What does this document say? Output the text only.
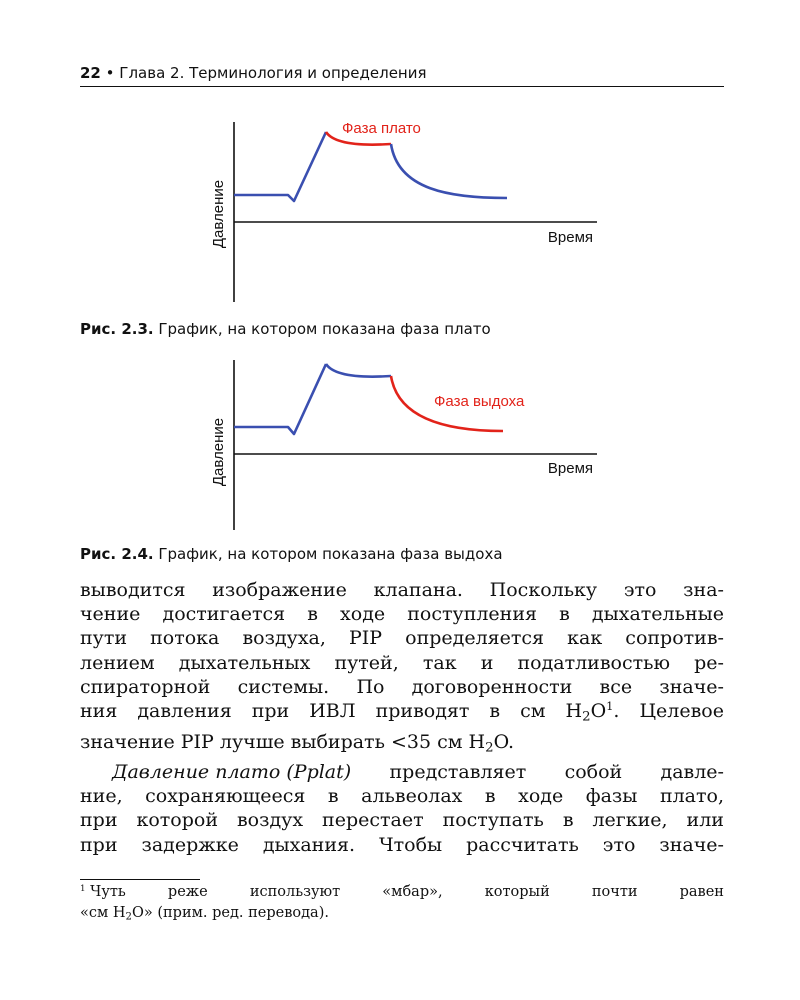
22 • Глава 2. Терминология и определения
Давление	Время
Фаза плато
Рис. 2.3. График, на котором показана фаза плато
Давление	Время
Фаза выдоха
Рис. 2.4. График, на котором показана фаза выдоха
выводится изображение клапана. Поскольку это зна-
чение достигается в ходе поступления в дыхательные
пути потока воздуха, PIP определяется как сопротив-
лением дыхательных путей, так и податливостью ре-
спираторной системы. По договоренности все значе-
ния давления при ИВЛ приводят в см $H_2O^1$. Целевое
значение PIP лучше выбирать <35 см $H_2O$.
Давление плато (Pplat) представляет собой давле-
ние, сохраняющееся в альвеолах в ходе фазы плато,
при которой воздух перестает поступать в легкие, или
при задержке дыхания. Чтобы рассчитать это значе-
$^1$ Чуть	реже	используют	«мбар»,	который	почти	равен
«см $H_2O$» (прим. ред. перевода).
